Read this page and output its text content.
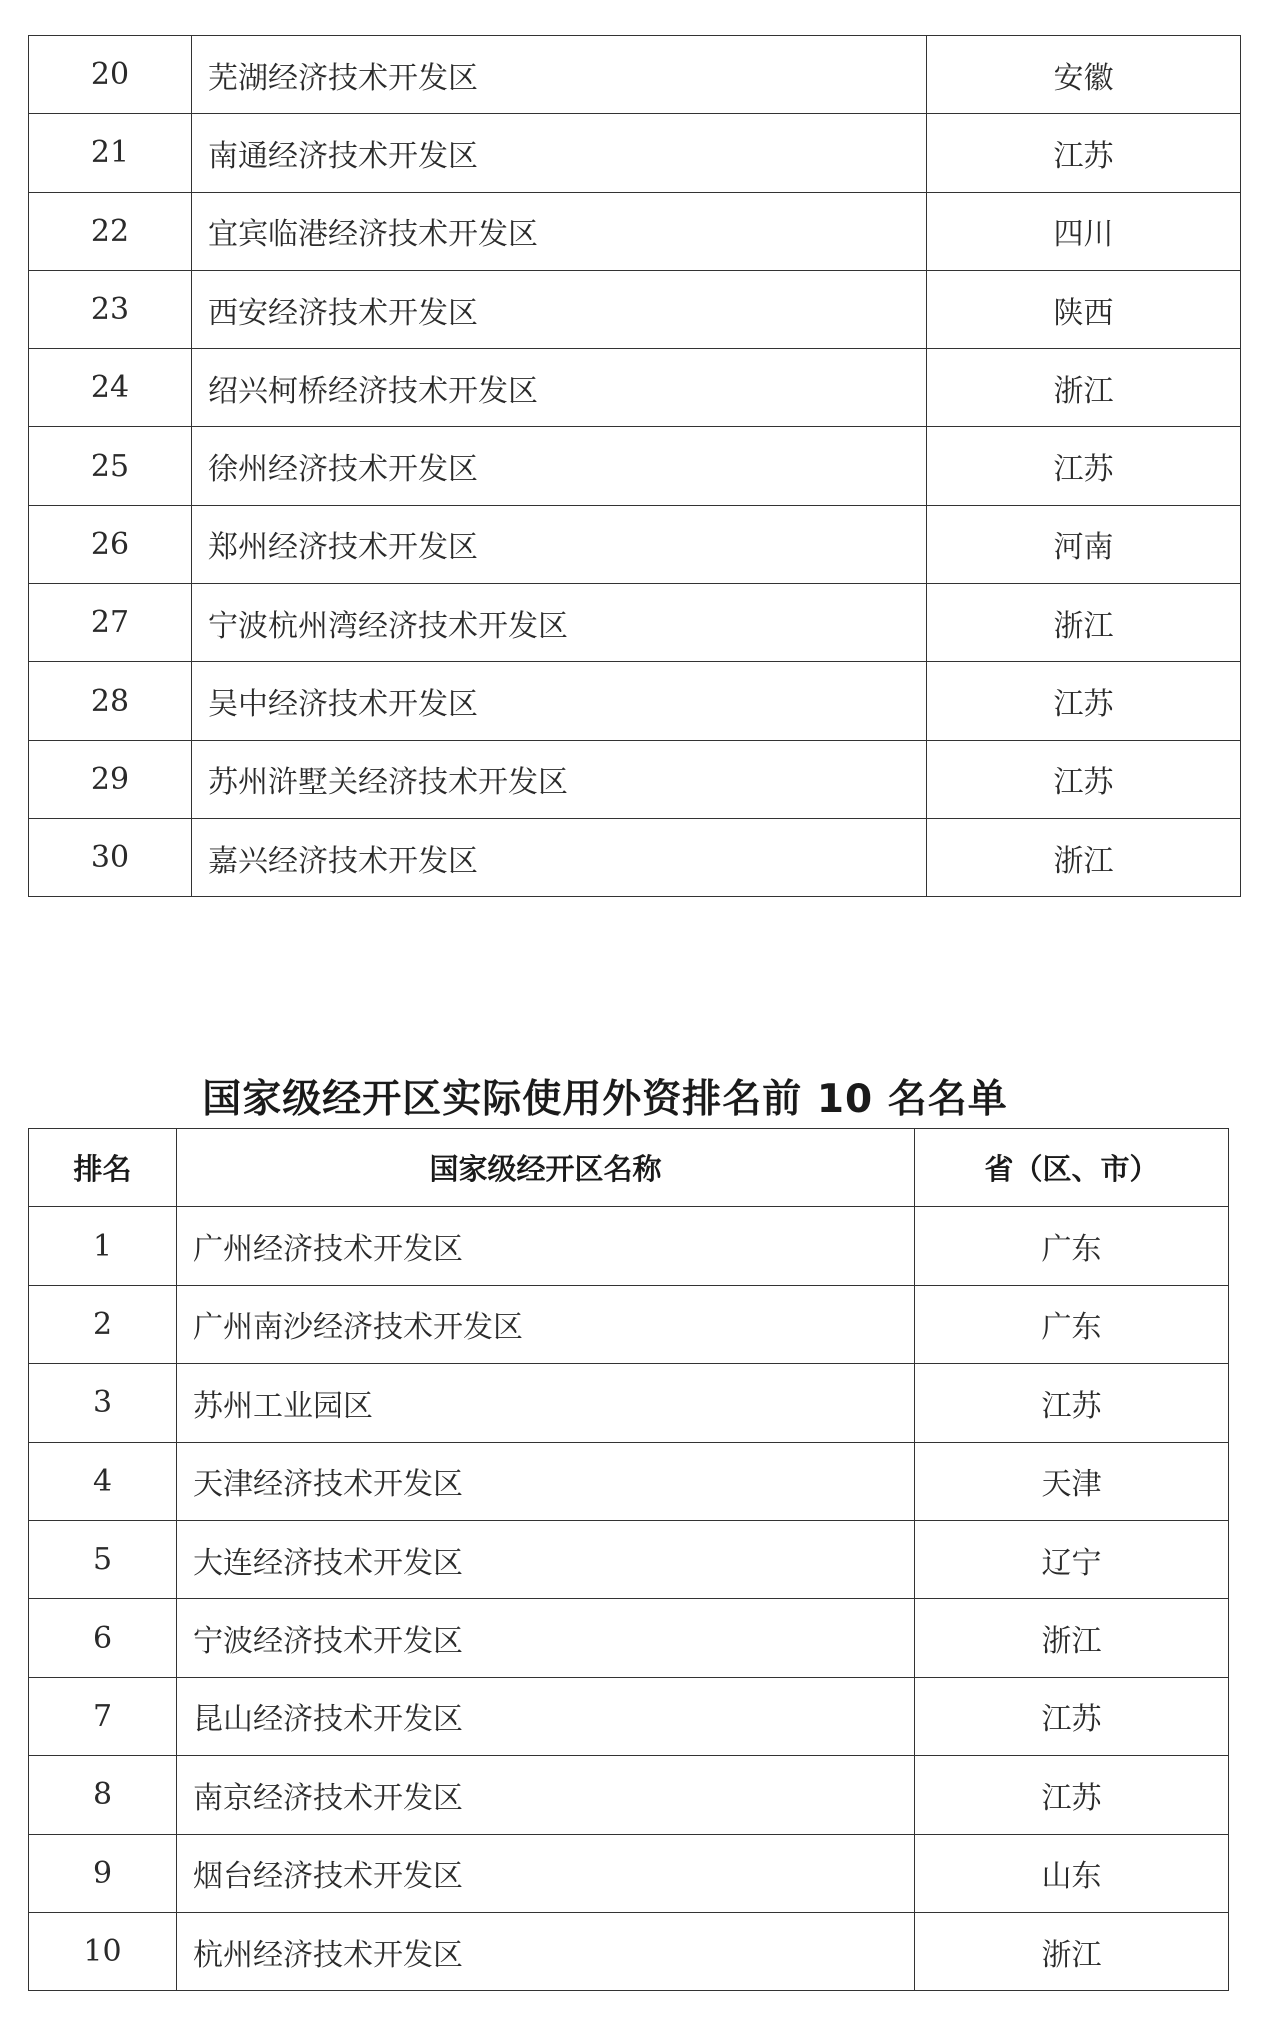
20	芜湖经济技术开发区	安徽
21	南通经济技术开发区	江苏
22	宜宾临港经济技术开发区	四川
23	西安经济技术开发区	陕西
24	绍兴柯桥经济技术开发区	浙江
25	徐州经济技术开发区	江苏
26	郑州经济技术开发区	河南
27	宁波杭州湾经济技术开发区	浙江
28	吴中经济技术开发区	江苏
29	苏州浒墅关经济技术开发区	江苏
30	嘉兴经济技术开发区	浙江
国家级经开区实际使用外资排名前 10 名名单
排名	国家级经开区名称	省（区、市）
1	广州经济技术开发区	广东
2	广州南沙经济技术开发区	广东
3	苏州工业园区	江苏
4	天津经济技术开发区	天津
5	大连经济技术开发区	辽宁
6	宁波经济技术开发区	浙江
7	昆山经济技术开发区	江苏
8	南京经济技术开发区	江苏
9	烟台经济技术开发区	山东
10	杭州经济技术开发区	浙江
